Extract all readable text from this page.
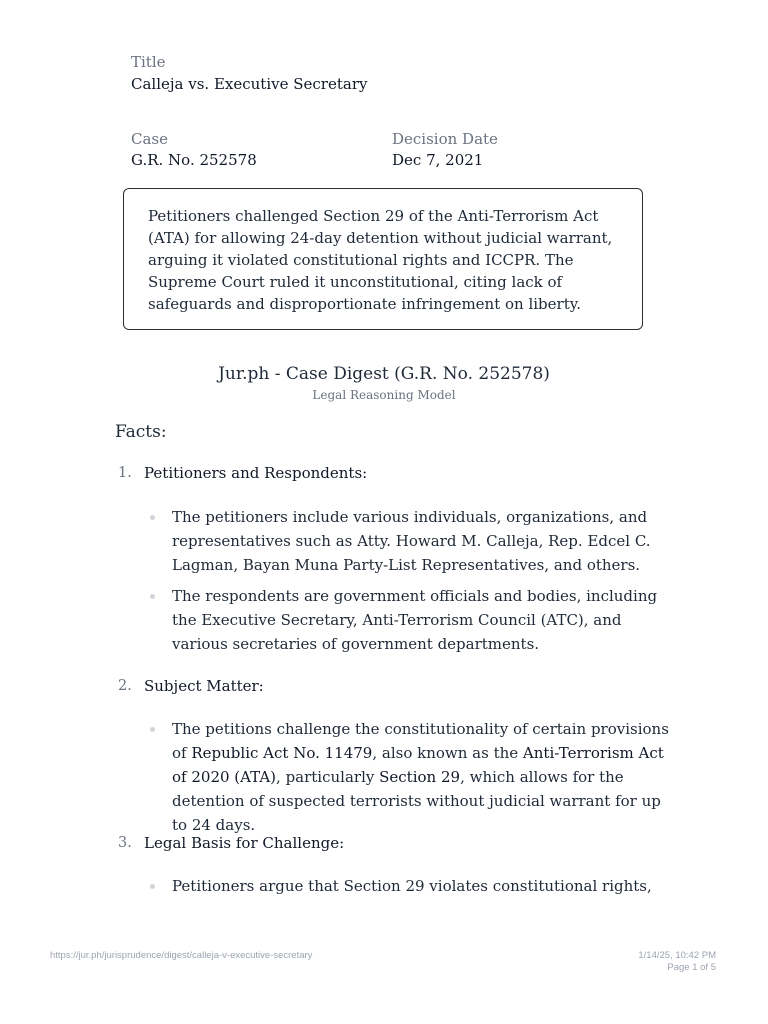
Title
Calleja vs. Executive Secretary
Case
G.R. No. 252578
Decision Date
Dec 7, 2021
Petitioners challenged Section 29 of the Anti-Terrorism Act (ATA) for allowing 24-day detention without judicial warrant, arguing it violated constitutional rights and ICCPR. The Supreme Court ruled it unconstitutional, citing lack of safeguards and disproportionate infringement on liberty.
Jur.ph - Case Digest (G.R. No. 252578)
Legal Reasoning Model
Facts:
1. Petitioners and Respondents:
The petitioners include various individuals, organizations, and representatives such as Atty. Howard M. Calleja, Rep. Edcel C. Lagman, Bayan Muna Party-List Representatives, and others.
The respondents are government officials and bodies, including the Executive Secretary, Anti-Terrorism Council (ATC), and various secretaries of government departments.
2. Subject Matter:
The petitions challenge the constitutionality of certain provisions of Republic Act No. 11479, also known as the Anti-Terrorism Act of 2020 (ATA), particularly Section 29, which allows for the detention of suspected terrorists without judicial warrant for up to 24 days.
3. Legal Basis for Challenge:
Petitioners argue that Section 29 violates constitutional rights,
https://jur.ph/jurisprudence/digest/calleja-v-executive-secretary	1/14/25, 10:42 PM
Page 1 of 5
